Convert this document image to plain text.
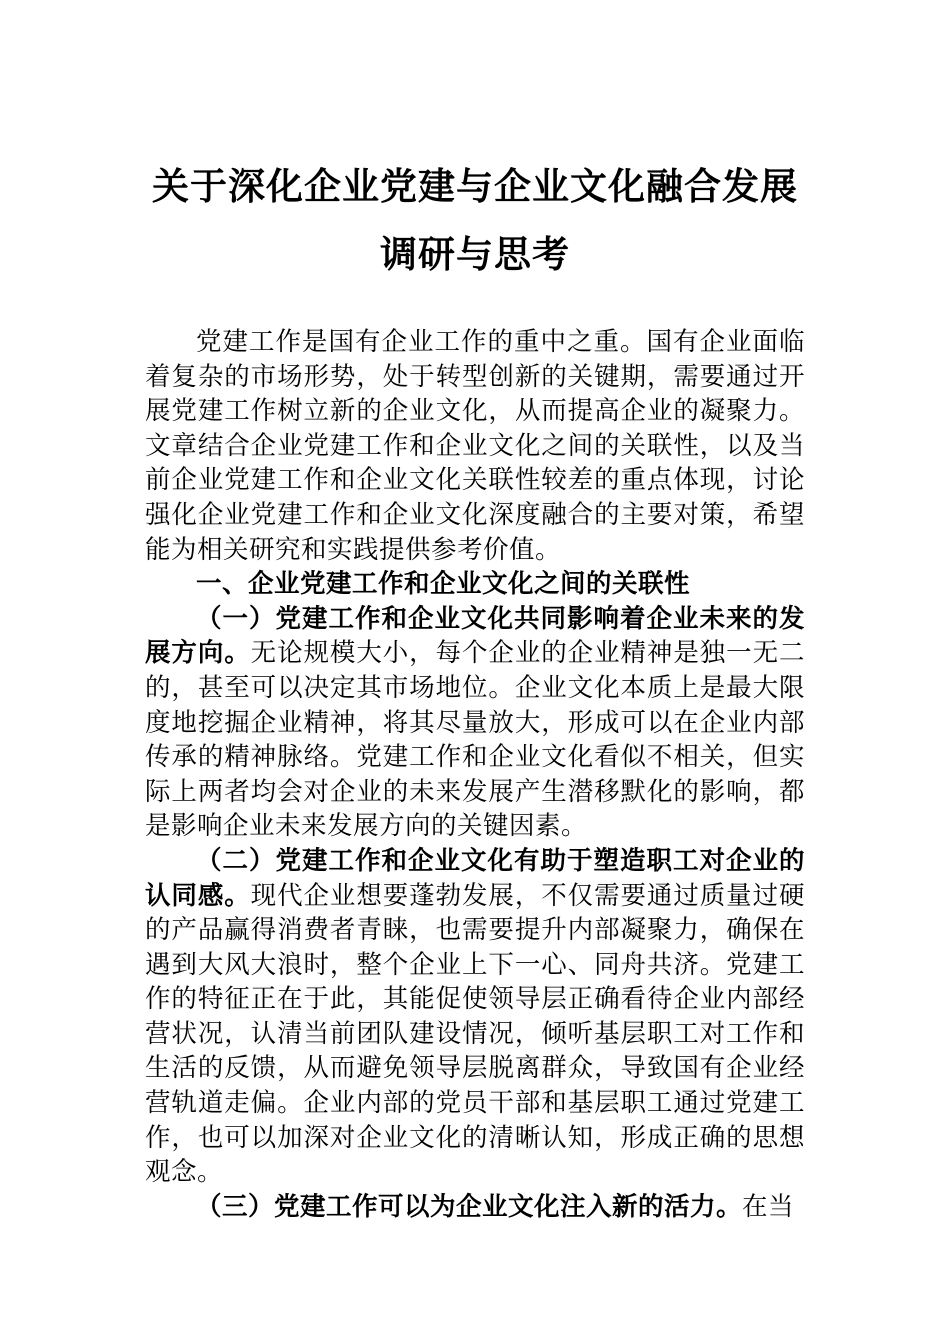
关于深化企业党建与企业文化融合发展调研与思考

党建工作是国有企业工作的重中之重。国有企业面临着复杂的市场形势，处于转型创新的关键期，需要通过开展党建工作树立新的企业文化，从而提高企业的凝聚力。文章结合企业党建工作和企业文化之间的关联性，以及当前企业党建工作和企业文化关联性较差的重点体现，讨论强化企业党建工作和企业文化深度融合的主要对策，希望能为相关研究和实践提供参考价值。

一、企业党建工作和企业文化之间的关联性

（一）党建工作和企业文化共同影响着企业未来的发展方向。无论规模大小，每个企业的企业精神是独一无二的，甚至可以决定其市场地位。企业文化本质上是最大限度地挖掘企业精神，将其尽量放大，形成可以在企业内部传承的精神脉络。党建工作和企业文化看似不相关，但实际上两者均会对企业的未来发展产生潜移默化的影响，都是影响企业未来发展方向的关键因素。

（二）党建工作和企业文化有助于塑造职工对企业的认同感。现代企业想要蓬勃发展，不仅需要通过质量过硬的产品赢得消费者青睐，也需要提升内部凝聚力，确保在遇到大风大浪时，整个企业上下一心、同舟共济。党建工作的特征正在于此，其能促使领导层正确看待企业内部经营状况，认清当前团队建设情况，倾听基层职工对工作和生活的反馈，从而避免领导层脱离群众，导致国有企业经营轨道走偏。企业内部的党员干部和基层职工通过党建工作，也可以加深对企业文化的清晰认知，形成正确的思想观念。

（三）党建工作可以为企业文化注入新的活力。在当
